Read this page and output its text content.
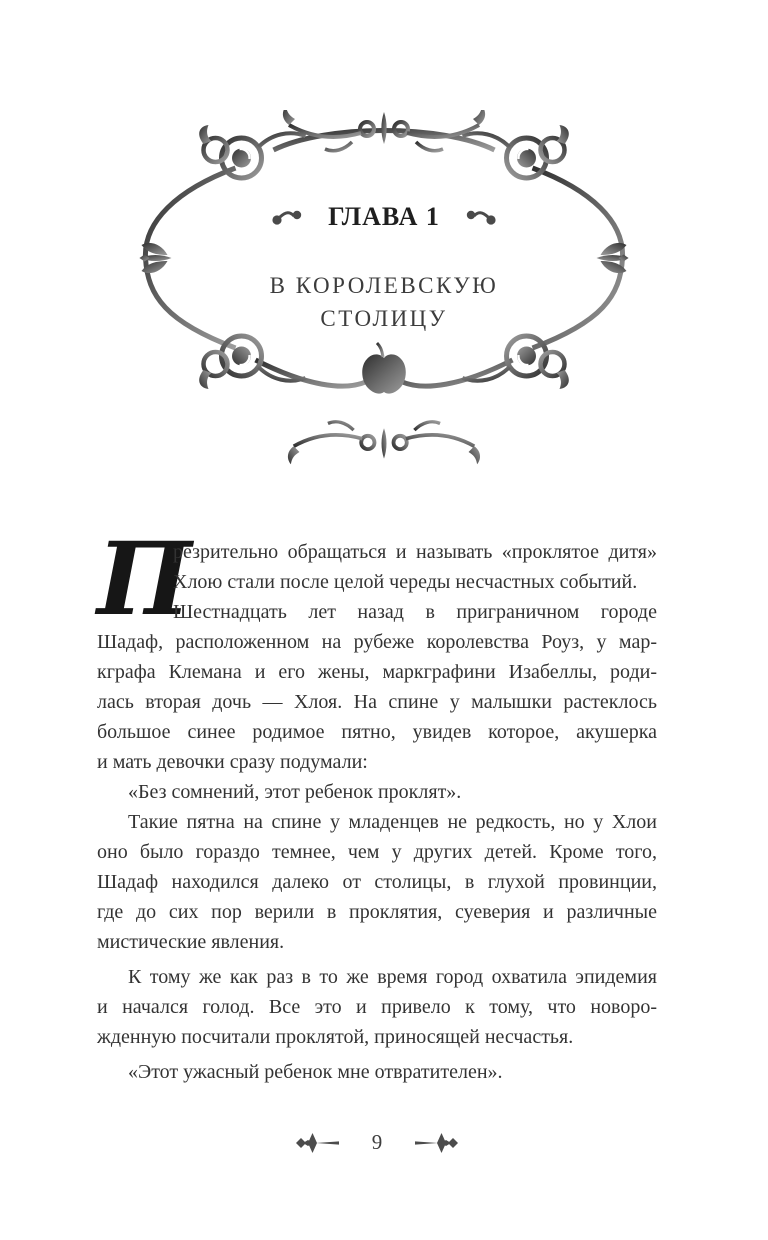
ГЛАВА 1
В КОРОЛЕВСКУЮ
СТОЛИЦУ
П
резрительно обращаться и называть «проклятое дитя»
Хлою стали после целой череды несчастных событий.
Шестнадцать лет назад в приграничном городе
Шадаф, расположенном на рубеже королевства Роуз, у мар-
кграфа Клемана и его жены, маркграфини Изабеллы, роди-
лась вторая дочь — Хлоя. На спине у малышки растеклось
большое синее родимое пятно, увидев которое, акушерка
и мать девочки сразу подумали:
«Без сомнений, этот ребенок проклят».
Такие пятна на спине у младенцев не редкость, но у Хлои
оно было гораздо темнее, чем у других детей. Кроме того,
Шадаф находился далеко от столицы, в глухой провинции,
где до сих пор верили в проклятия, суеверия и различные
мистические явления.
К тому же как раз в то же время город охватила эпидемия
и начался голод. Все это и привело к тому, что новоро-
жденную посчитали проклятой, приносящей несчастья.
«Этот ужасный ребенок мне отвратителен».
9
